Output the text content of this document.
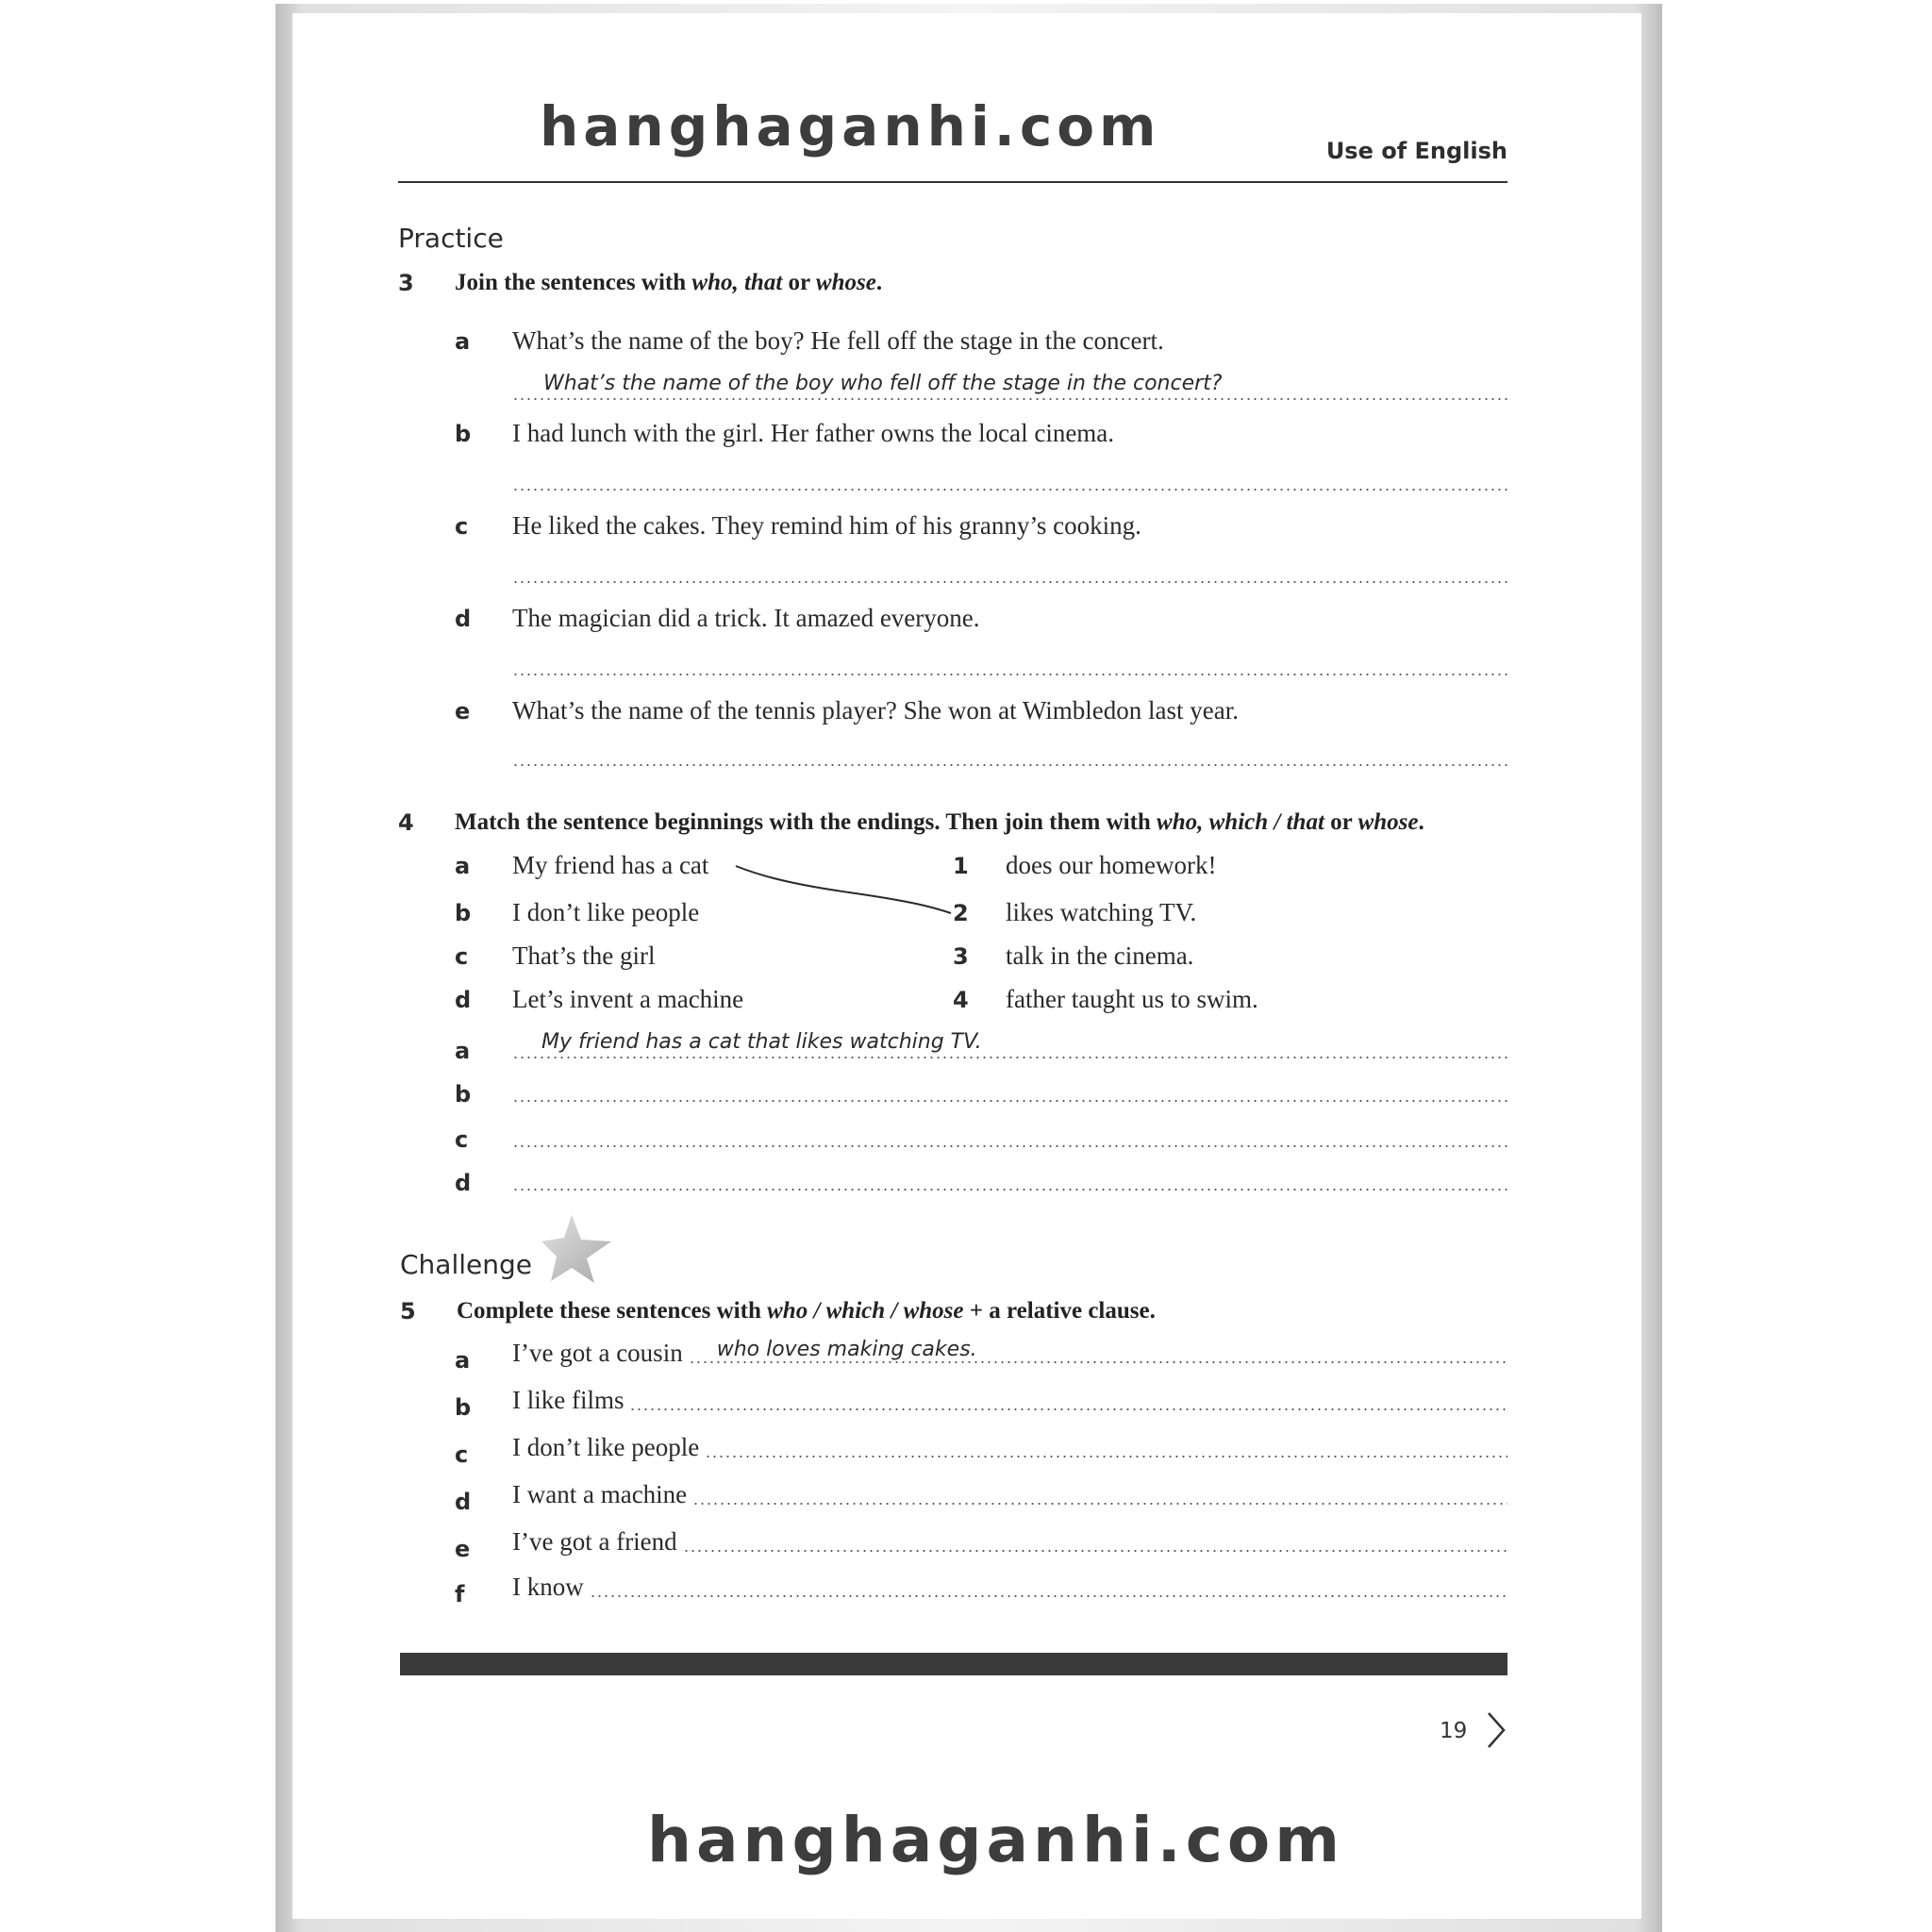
hanghaganhi.com	Use of English
Practice
3 Join the sentences with who, that or whose.
a What’s the name of the boy? He fell off the stage in the concert.
What’s the name of the boy who fell off the stage in the concert?
b I had lunch with the girl. Her father owns the local cinema.
c He liked the cakes. They remind him of his granny’s cooking.
d The magician did a trick. It amazed everyone.
e What’s the name of the tennis player? She won at Wimbledon last year.
4 Match the sentence beginnings with the endings. Then join them with who, which / that or whose.
a My friend has a cat	1 does our homework!
b I don’t like people	2 likes watching TV.
c That’s the girl	3 talk in the cinema.
d Let’s invent a machine	4 father taught us to swim.
a	My friend has a cat that likes watching TV.
b
c
d
Challenge
5 Complete these sentences with who / which / whose + a relative clause.
a I’ve got a cousin who loves making cakes.
b I like films
c I don’t like people
d I want a machine
e I’ve got a friend
f	I know
19
hanghaganhi.com
